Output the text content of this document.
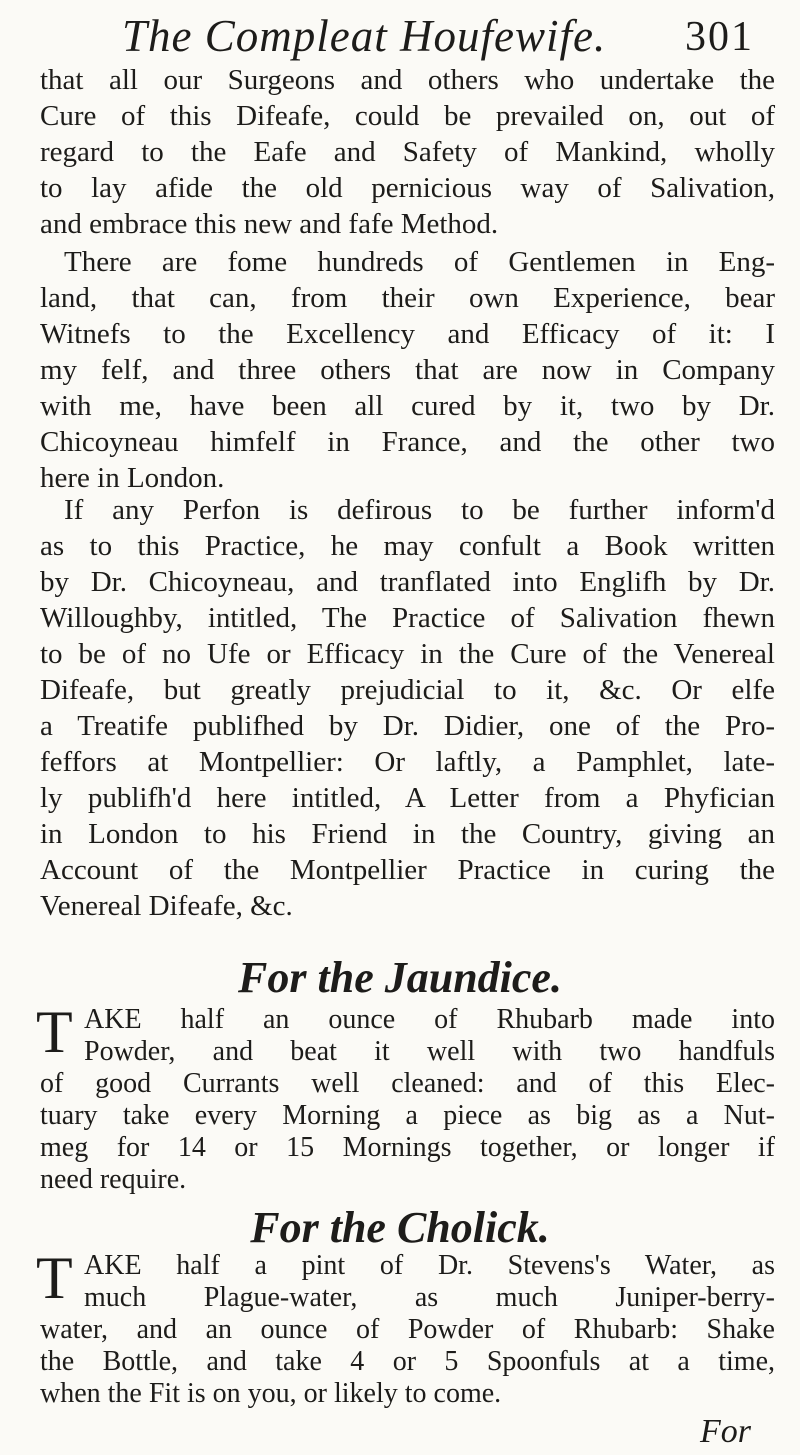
The Compleat Houfewife. 301
that all our Surgeons and others who undertake the
Cure of this Difeafe, could be prevailed on, out of
regard to the Eafe and Safety of Mankind, wholly
to lay afide the old pernicious way of Salivation,
and embrace this new and fafe Method.
There are fome hundreds of Gentlemen in Eng-
land, that can, from their own Experience, bear
Witnefs to the Excellency and Efficacy of it: I
my felf, and three others that are now in Company
with me, have been all cured by it, two by Dr.
Chicoyneau himfelf in France, and the other two
here in London.
If any Perfon is defirous to be further inform'd
as to this Practice, he may confult a Book written
by Dr. Chicoyneau, and tranflated into Englifh by Dr.
Willoughby, intitled, The Practice of Salivation fhewn
to be of no Ufe or Efficacy in the Cure of the Venereal
Difeafe, but greatly prejudicial to it, &c. Or elfe
a Treatife publifhed by Dr. Didier, one of the Pro-
feffors at Montpellier: Or laftly, a Pamphlet, late-
ly publifh'd here intitled, A Letter from a Phyfician
in London to his Friend in the Country, giving an
Account of the Montpellier Practice in curing the
Venereal Difeafe, &c.
For the Jaundice.
T AKE half an ounce of Rhubarb made into
Powder, and beat it well with two handfuls
of good Currants well cleaned: and of this Elec-
tuary take every Morning a piece as big as a Nut-
meg for 14 or 15 Mornings together, or longer if
need require.
For the Cholick.
T AKE half a pint of Dr. Stevens's Water, as
much Plague-water, as much Juniper-berry-
water, and an ounce of Powder of Rhubarb: Shake
the Bottle, and take 4 or 5 Spoonfuls at a time,
when the Fit is on you, or likely to come.
For
